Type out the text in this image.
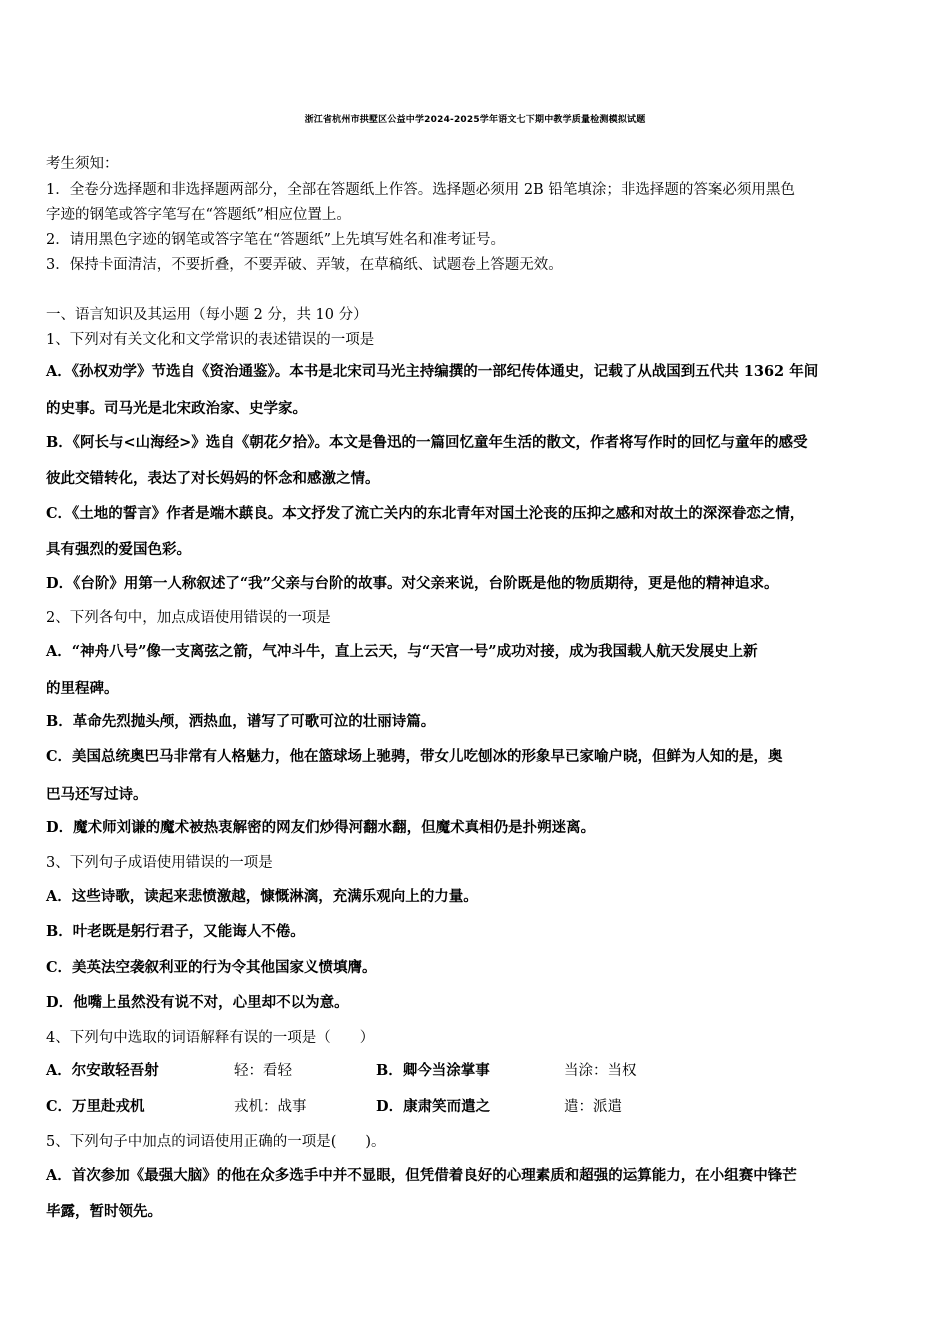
浙江省杭州市拱墅区公益中学2024-2025学年语文七下期中教学质量检测模拟试题
考生须知：
1．全卷分选择题和非选择题两部分，全部在答题纸上作答。选择题必须用 2B 铅笔填涂；非选择题的答案必须用黑色
字迹的钢笔或答字笔写在“答题纸”相应位置上。
2．请用黑色字迹的钢笔或答字笔在“答题纸”上先填写姓名和准考证号。
3．保持卡面清洁，不要折叠，不要弄破、弄皱，在草稿纸、试题卷上答题无效。
一、语言知识及其运用（每小题 2 分，共 10 分）
1、下列对有关文化和文学常识的表述错误的一项是
A．《孙权劝学》节选自《资治通鉴》。本书是北宋司马光主持编撰的一部纪传体通史，记载了从战国到五代共 1362 年间
的史事。司马光是北宋政治家、史学家。
B．《阿长与<山海经>》选自《朝花夕拾》。本文是鲁迅的一篇回忆童年生活的散文，作者将写作时的回忆与童年的感受
彼此交错转化，表达了对长妈妈的怀念和感激之情。
C．《土地的誓言》作者是端木蕻良。本文抒发了流亡关内的东北青年对国土沦丧的压抑之感和对故土的深深眷恋之情，
具有强烈的爱国色彩。
D．《台阶》用第一人称叙述了“我”父亲与台阶的故事。对父亲来说，台阶既是他的物质期待，更是他的精神追求。
2、下列各句中，加点成语使用错误的一项是
A．“神舟八号”像一支离弦之箭，气冲斗牛，直上云天，与“天宫一号”成功对接，成为我国载人航天发展史上新
的里程碑。
B．革命先烈抛头颅，洒热血，谱写了可歌可泣的壮丽诗篇。
C．美国总统奥巴马非常有人格魅力，他在篮球场上驰骋，带女儿吃刨冰的形象早已家喻户晓，但鲜为人知的是，奥
巴马还写过诗。
D．魔术师刘谦的魔术被热衷解密的网友们炒得河翻水翻，但魔术真相仍是扑朔迷离。
3、下列句子成语使用错误的一项是
A．这些诗歌，读起来悲愤激越，慷慨淋漓，充满乐观向上的力量。
B．叶老既是躬行君子，又能诲人不倦。
C．美英法空袭叙利亚的行为令其他国家义愤填膺。
D．他嘴上虽然没有说不对，心里却不以为意。
4、下列句中选取的词语解释有误的一项是（　　）
A．尔安敢轻吾射	轻：看轻	B．卿今当涂掌事	当涂：当权
C．万里赴戎机	戎机：战事	D．康肃笑而遣之	遣：派遣
5、下列句子中加点的词语使用正确的一项是(　　)。
A．首次参加《最强大脑》的他在众多选手中并不显眼，但凭借着良好的心理素质和超强的运算能力，在小组赛中锋芒
毕露，暂时领先。
